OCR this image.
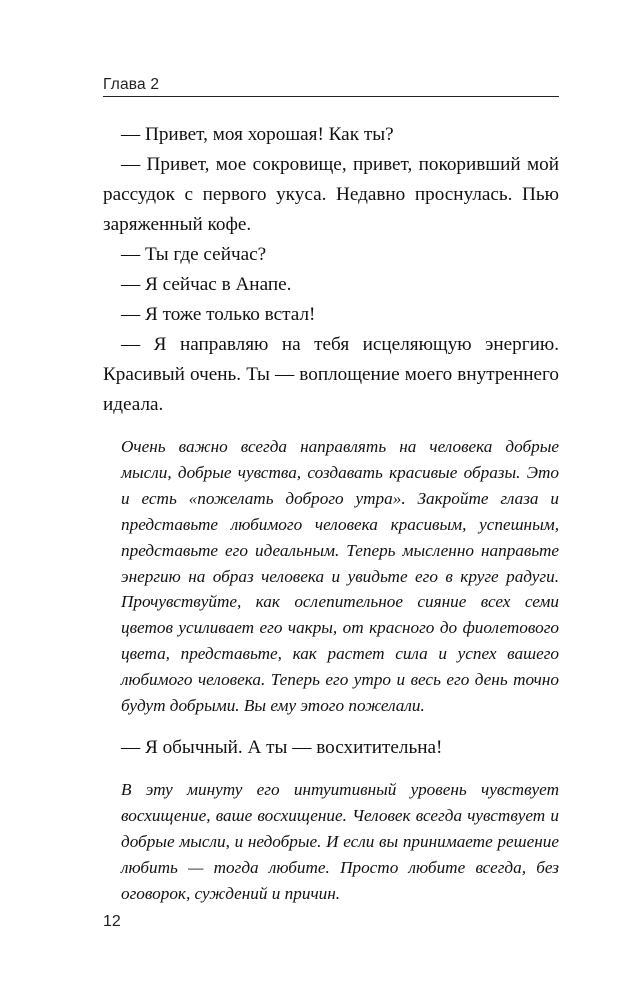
Глава 2

— Привет, моя хорошая! Как ты?

— Привет, мое сокровище, привет, покоривший мой рассудок с первого укуса. Недавно проснулась. Пью заряженный кофе.

— Ты где сейчас?

— Я сейчас в Анапе.

— Я тоже только встал!

— Я направляю на тебя исцеляющую энергию. Красивый очень. Ты — воплощение моего внутреннего идеала.

Очень важно всегда направлять на человека добрые мысли, добрые чувства, создавать красивые образы. Это и есть «пожелать доброго утра». Закройте глаза и представьте любимого человека красивым, успешным, представьте его идеальным. Теперь мысленно направьте энергию на образ человека и увидьте его в круге радуги. Прочувствуйте, как ослепительное сияние всех семи цветов усиливает его чакры, от красного до фиолетового цвета, представьте, как растет сила и успех вашего любимого человека. Теперь его утро и весь его день точно будут добрыми. Вы ему этого пожелали.

— Я обычный. А ты — восхитительна!

В эту минуту его интуитивный уровень чувствует восхищение, ваше восхищение. Человек всегда чувствует и добрые мысли, и недобрые. И если вы принимаете решение любить — тогда любите. Просто любите всегда, без оговорок, суждений и причин.

12
